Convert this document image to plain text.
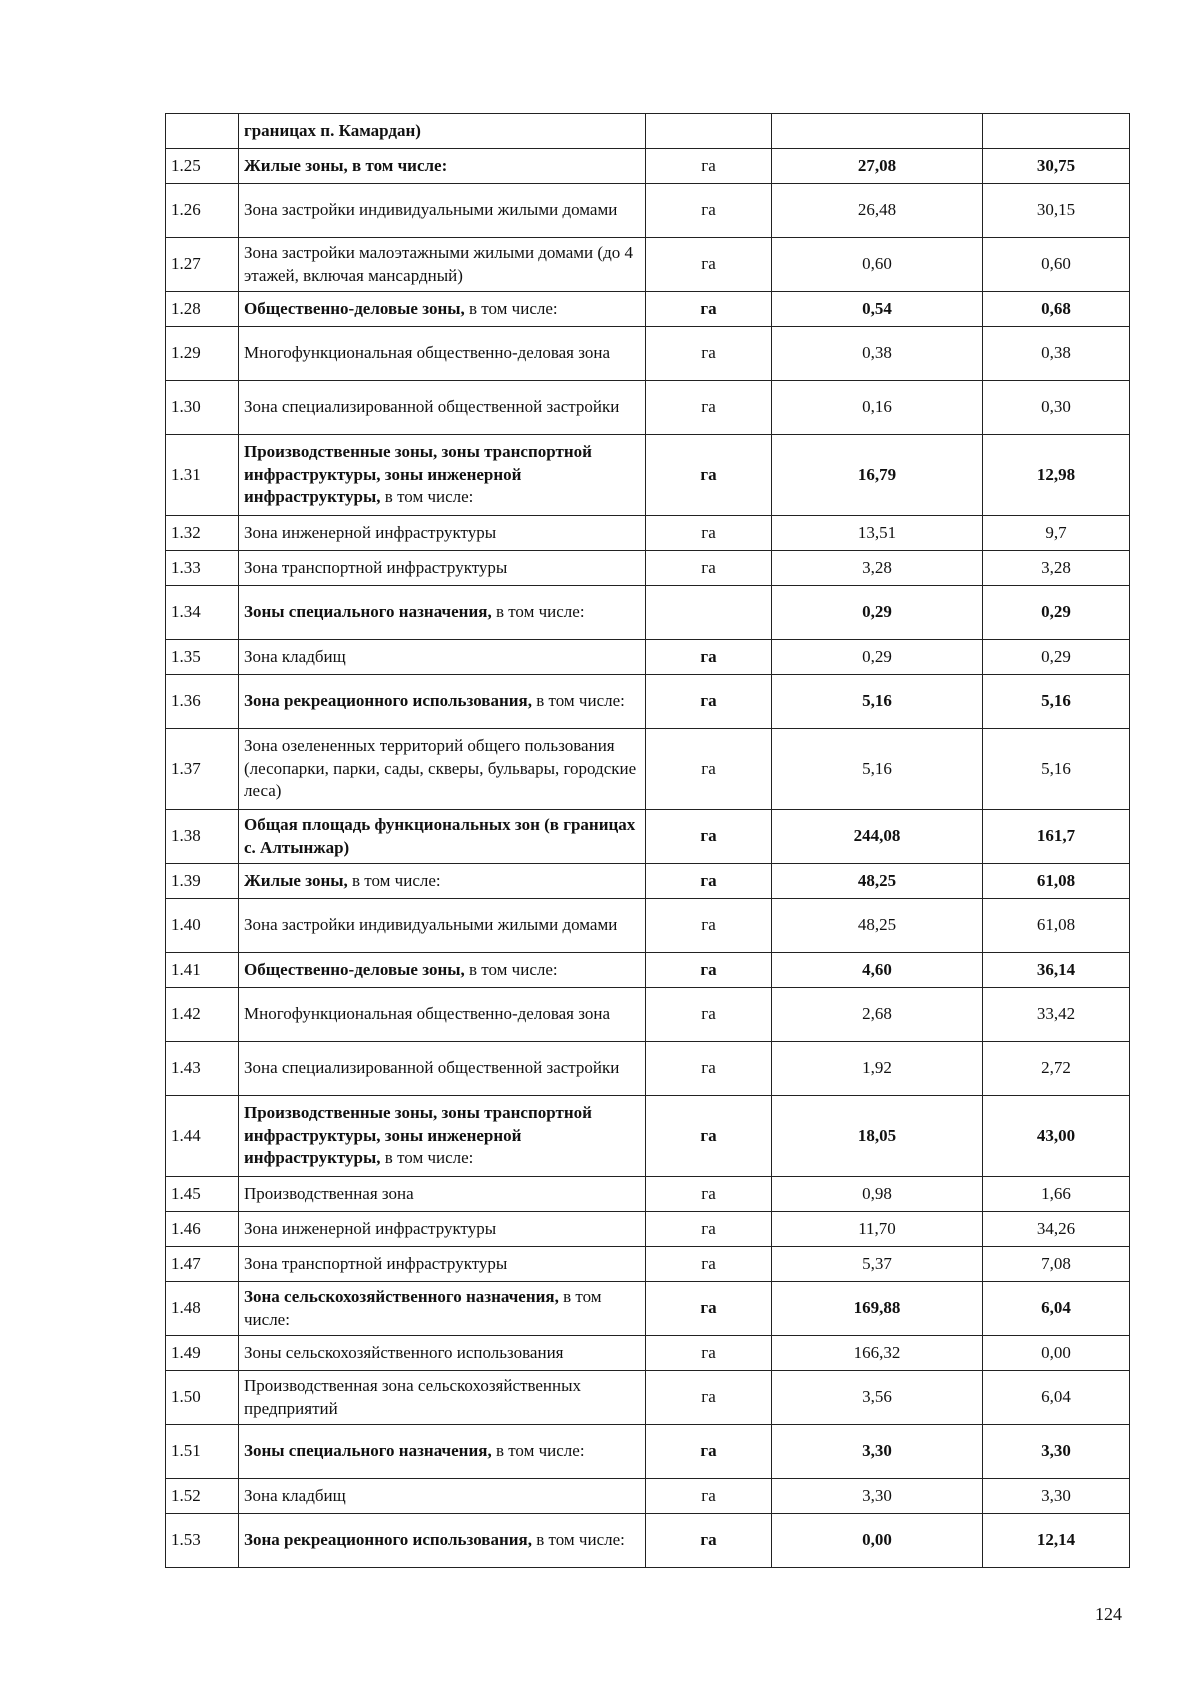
	границах п. Камардан)			
1.25	Жилые зоны, в том числе:	га	27,08	30,75
1.26	Зона застройки индивидуальными жилыми домами	га	26,48	30,15
1.27	Зона застройки малоэтажными жилыми домами (до 4 этажей, включая мансардный)	га	0,60	0,60
1.28	Общественно-деловые зоны, в том числе:	га	0,54	0,68
1.29	Многофункциональная общественно-деловая зона	га	0,38	0,38
1.30	Зона специализированной общественной застройки	га	0,16	0,30
1.31	Производственные зоны, зоны транспортной инфраструктуры, зоны инженерной инфраструктуры, в том числе:	га	16,79	12,98
1.32	Зона инженерной инфраструктуры	га	13,51	9,7
1.33	Зона транспортной инфраструктуры	га	3,28	3,28
1.34	Зоны специального назначения, в том числе:		0,29	0,29
1.35	Зона кладбищ	га	0,29	0,29
1.36	Зона рекреационного использования, в том числе:	га	5,16	5,16
1.37	Зона озелененных территорий общего пользования (лесопарки, парки, сады, скверы, бульвары, городские леса)	га	5,16	5,16
1.38	Общая площадь функциональных зон (в границах с. Алтынжар)	га	244,08	161,7
1.39	Жилые зоны, в том числе:	га	48,25	61,08
1.40	Зона застройки индивидуальными жилыми домами	га	48,25	61,08
1.41	Общественно-деловые зоны, в том числе:	га	4,60	36,14
1.42	Многофункциональная общественно-деловая зона	га	2,68	33,42
1.43	Зона специализированной общественной застройки	га	1,92	2,72
1.44	Производственные зоны, зоны транспортной инфраструктуры, зоны инженерной инфраструктуры, в том числе:	га	18,05	43,00
1.45	Производственная зона	га	0,98	1,66
1.46	Зона инженерной инфраструктуры	га	11,70	34,26
1.47	Зона транспортной инфраструктуры	га	5,37	7,08
1.48	Зона сельскохозяйственного назначения, в том числе:	га	169,88	6,04
1.49	Зоны сельскохозяйственного использования	га	166,32	0,00
1.50	Производственная зона сельскохозяйственных предприятий	га	3,56	6,04
1.51	Зоны специального назначения, в том числе:	га	3,30	3,30
1.52	Зона кладбищ	га	3,30	3,30
1.53	Зона рекреационного использования, в том числе:	га	0,00	12,14
124
